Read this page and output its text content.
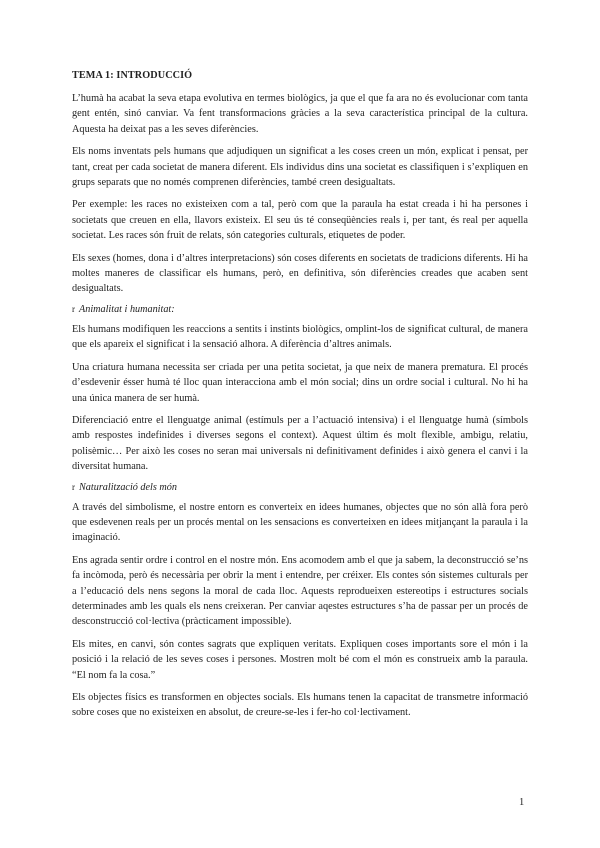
TEMA 1: INTRODUCCIÓ

L’humà ha acabat la seva etapa evolutiva en termes biològics, ja que el que fa ara no és evolucionar com tanta gent entén, sinó canviar. Va fent transformacions gràcies a la seva característica principal de la cultura. Aquesta ha deixat pas a les seves diferències.

Els noms inventats pels humans que adjudiquen un significat a les coses creen un món, explicat i pensat, per tant, creat per cada societat de manera diferent. Els individus dins una societat es classifiquen i s’expliquen en grups separats que no només comprenen diferències, també creen desigualtats.

Per exemple: les races no existeixen com a tal, però com que la paraula ha estat creada i hi ha persones i societats que creuen en ella, llavors existeix. El seu ús té conseqüències reals i, per tant, és real per aquella societat. Les races són fruit de relats, són categories culturals, etiquetes de poder.

Els sexes (homes, dona i d’altres interpretacions) són coses diferents en societats de tradicions diferents. Hi ha moltes maneres de classificar els humans, però, en definitiva, són diferències creades que acaben sent desigualtats.

r Animalitat i humanitat:

Els humans modifiquen les reaccions a sentits i instints biològics, omplint-los de significat cultural, de manera que els apareix el significat i la sensació alhora. A diferència d’altres animals.

Una criatura humana necessita ser criada per una petita societat, ja que neix de manera prematura. El procés d’esdevenir ésser humà té lloc quan interacciona amb el món social; dins un ordre social i cultural. No hi ha una única manera de ser humà.

Diferenciació entre el llenguatge animal (estímuls per a l’actuació intensiva) i el llenguatge humà (símbols amb respostes indefinides i diverses segons el context). Aquest últim és molt flexible, ambigu, relatiu, polisèmic… Per això les coses no seran mai universals ni definitivament definides i això genera el canvi i la diversitat humana.

r Naturalització dels món

A través del simbolisme, el nostre entorn es converteix en idees humanes, objectes que no són allà fora però que esdevenen reals per un procés mental on les sensacions es converteixen en idees mitjançant la paraula i la imaginació.

Ens agrada sentir ordre i control en el nostre món. Ens acomodem amb el que ja sabem, la deconstrucció se’ns fa incòmoda, però és necessària per obrir la ment i entendre, per créixer. Els contes són sistemes culturals per a l’educació dels nens segons la moral de cada lloc. Aquests reprodueixen estereotips i estructures socials determinades amb les quals els nens creixeran. Per canviar aqestes estructures s’ha de passar per un procés de desconstrucció col·lectiva (pràcticament impossible).

Els mites, en canvi, són contes sagrats que expliquen veritats. Expliquen coses importants sore el món i la posició i la relació de les seves coses i persones. Mostren molt bé com el món es construeix amb la paraula. “El nom fa la cosa.”

Els objectes físics es transformen en objectes socials. Els humans tenen la capacitat de transmetre informació sobre coses que no existeixen en absolut, de creure-se-les i fer-ho col·lectivament.

1
